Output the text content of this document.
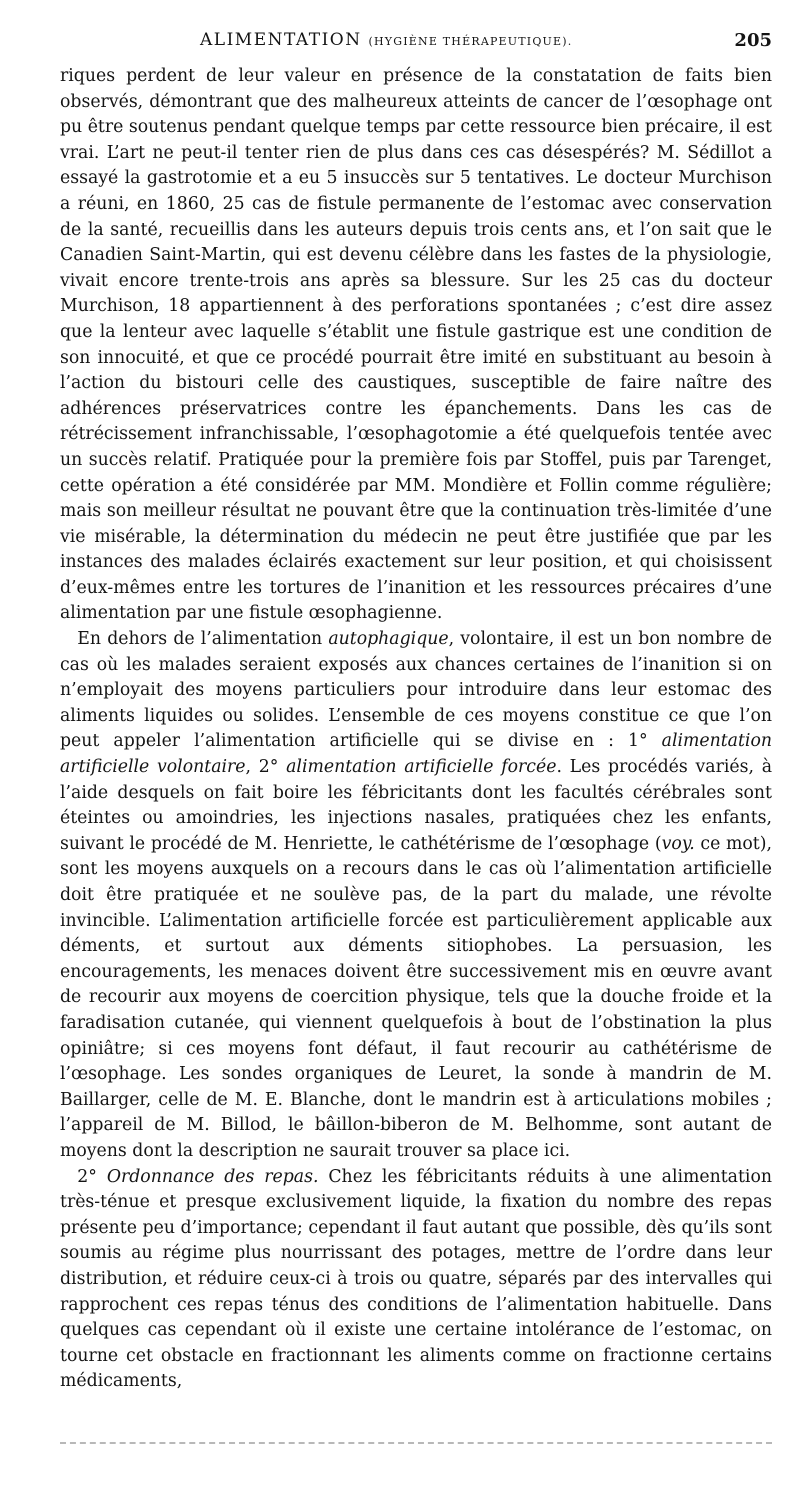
ALIMENTATION (HYGIÈNE THÉRAPEUTIQUE).	205

riques perdent de leur valeur en présence de la constatation de faits bien observés, démontrant que des malheureux atteints de cancer de l’œsophage ont pu être soutenus pendant quelque temps par cette ressource bien précaire, il est vrai. L’art ne peut-il tenter rien de plus dans ces cas désespérés? M. Sédillot a essayé la gastrotomie et a eu 5 insuccès sur 5 tentatives. Le docteur Murchison a réuni, en 1860, 25 cas de fistule permanente de l’estomac avec conservation de la santé, recueillis dans les auteurs depuis trois cents ans, et l’on sait que le Canadien Saint-Martin, qui est devenu célèbre dans les fastes de la physiologie, vivait encore trente-trois ans après sa blessure. Sur les 25 cas du docteur Murchison, 18 appartiennent à des perforations spontanées ; c’est dire assez que la lenteur avec laquelle s’établit une fistule gastrique est une condition de son innocuité, et que ce procédé pourrait être imité en substituant au besoin à l’action du bistouri celle des caustiques, susceptible de faire naître des adhérences préservatrices contre les épanchements. Dans les cas de rétrécissement infranchissable, l’œsophagotomie a été quelquefois tentée avec un succès relatif. Pratiquée pour la première fois par Stoffel, puis par Tarenget, cette opération a été considérée par MM. Mondière et Follin comme régulière; mais son meilleur résultat ne pouvant être que la continuation très-limitée d’une vie misérable, la détermination du médecin ne peut être justifiée que par les instances des malades éclairés exactement sur leur position, et qui choisissent d’eux-mêmes entre les tortures de l’inanition et les ressources précaires d’une alimentation par une fistule œsophagienne.

 En dehors de l’alimentation autophagique, volontaire, il est un bon nombre de cas où les malades seraient exposés aux chances certaines de l’inanition si on n’employait des moyens particuliers pour introduire dans leur estomac des aliments liquides ou solides. L’ensemble de ces moyens constitue ce que l’on peut appeler l’alimentation artificielle qui se divise en : 1° alimentation artificielle volontaire, 2° alimentation artificielle forcée. Les procédés variés, à l’aide desquels on fait boire les fébricitants dont les facultés cérébrales sont éteintes ou amoindries, les injections nasales, pratiquées chez les enfants, suivant le procédé de M. Henriette, le cathétérisme de l’œsophage (voy. ce mot), sont les moyens auxquels on a recours dans le cas où l’alimentation artificielle doit être pratiquée et ne soulève pas, de la part du malade, une révolte invincible. L’alimentation artificielle forcée est particulièrement applicable aux déments, et surtout aux déments sitiophobes. La persuasion, les encouragements, les menaces doivent être successivement mis en œuvre avant de recourir aux moyens de coercition physique, tels que la douche froide et la faradisation cutanée, qui viennent quelquefois à bout de l’obstination la plus opiniâtre; si ces moyens font défaut, il faut recourir au cathétérisme de l’œsophage. Les sondes organiques de Leuret, la sonde à mandrin de M. Baillarger, celle de M. E. Blanche, dont le mandrin est à articulations mobiles ; l’appareil de M. Billod, le bâillon-biberon de M. Belhomme, sont autant de moyens dont la description ne saurait trouver sa place ici.

 2° Ordonnance des repas. Chez les fébricitants réduits à une alimentation très-ténue et presque exclusivement liquide, la fixation du nombre des repas présente peu d’importance; cependant il faut autant que possible, dès qu’ils sont soumis au régime plus nourrissant des potages, mettre de l’ordre dans leur distribution, et réduire ceux-ci à trois ou quatre, séparés par des intervalles qui rapprochent ces repas ténus des conditions de l’alimentation habituelle. Dans quelques cas cependant où il existe une certaine intolérance de l’estomac, on tourne cet obstacle en fractionnant les aliments comme on fractionne certains médicaments,
